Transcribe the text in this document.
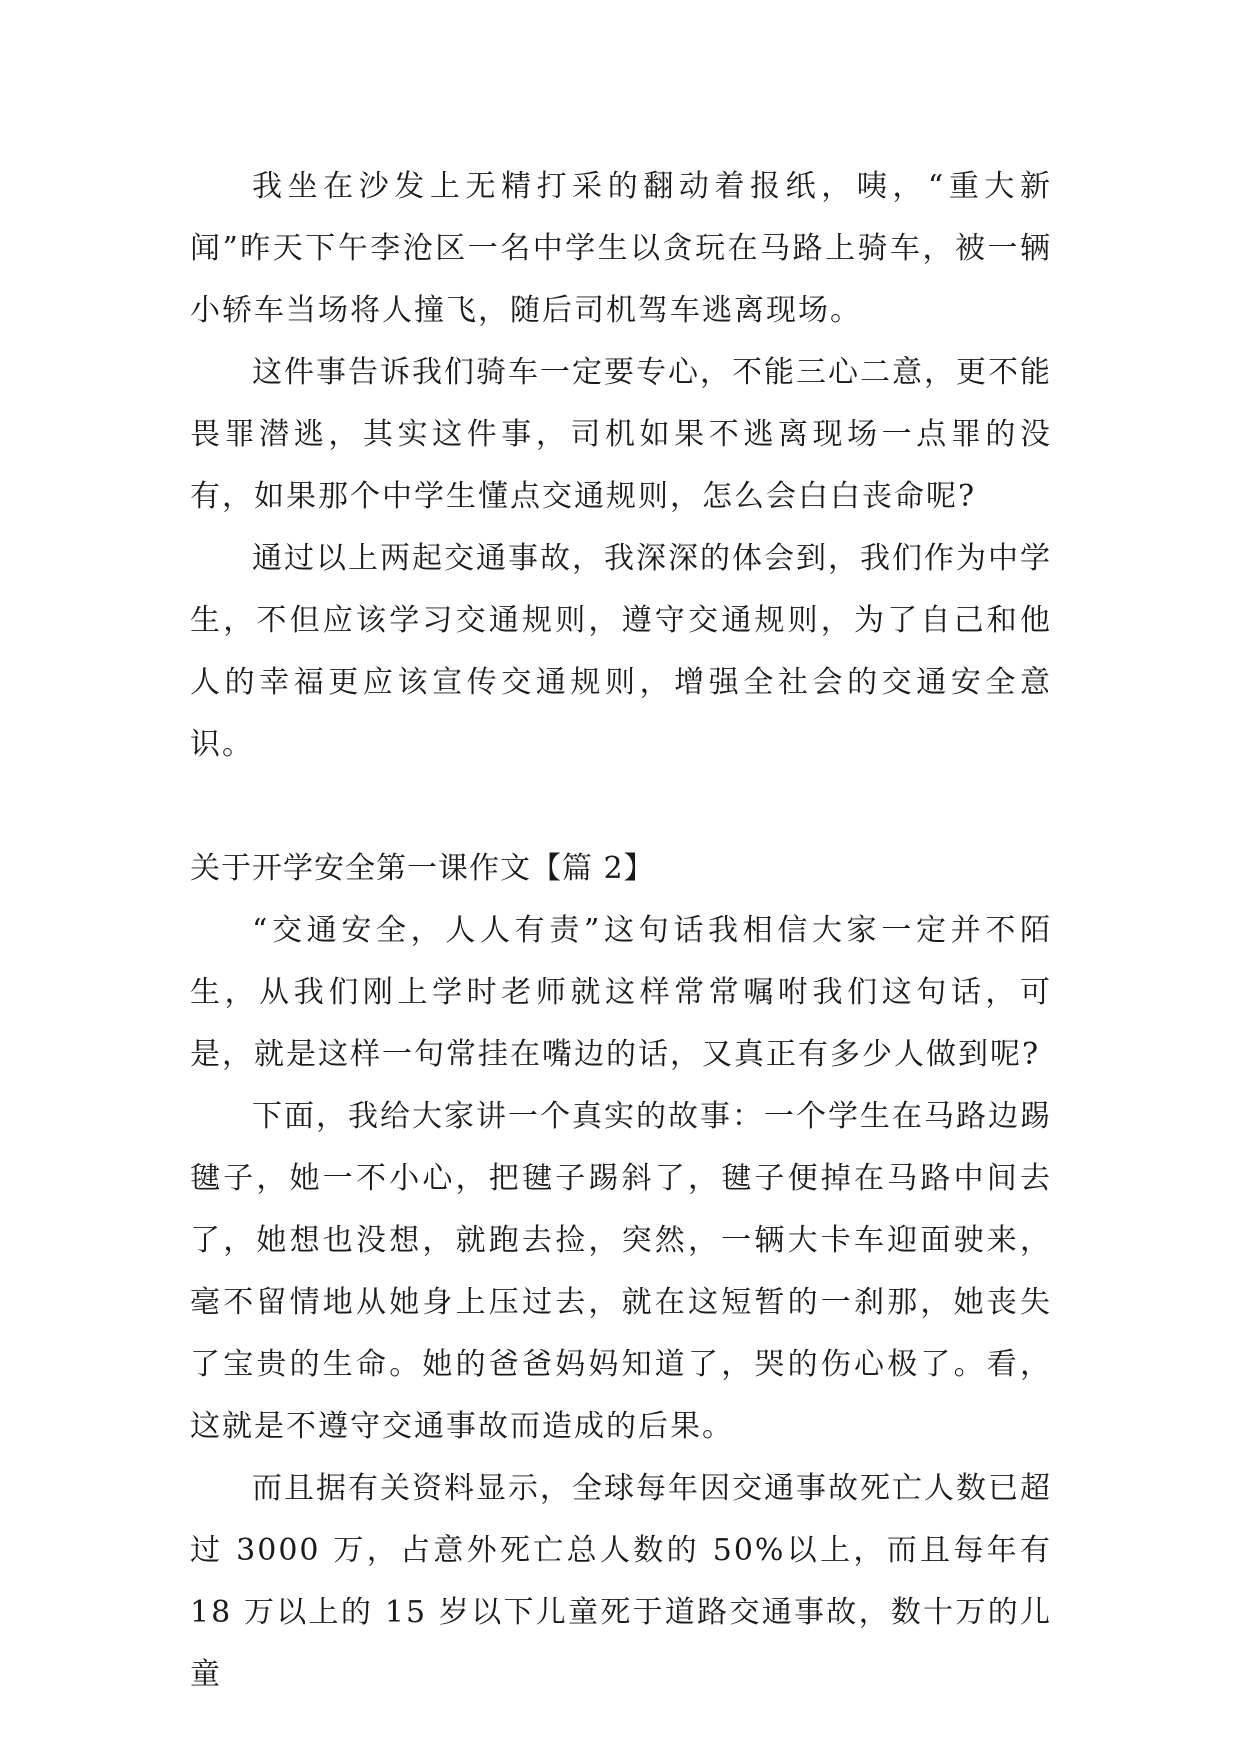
我坐在沙发上无精打采的翻动着报纸，咦，“重大新闻”昨天下午李沧区一名中学生以贪玩在马路上骑车，被一辆小轿车当场将人撞飞，随后司机驾车逃离现场。

这件事告诉我们骑车一定要专心，不能三心二意，更不能畏罪潜逃，其实这件事，司机如果不逃离现场一点罪的没有，如果那个中学生懂点交通规则，怎么会白白丧命呢?

通过以上两起交通事故，我深深的体会到，我们作为中学生，不但应该学习交通规则，遵守交通规则，为了自己和他人的幸福更应该宣传交通规则，增强全社会的交通安全意识。

关于开学安全第一课作文【篇 2】

“交通安全，人人有责”这句话我相信大家一定并不陌生，从我们刚上学时老师就这样常常嘱咐我们这句话，可是，就是这样一句常挂在嘴边的话，又真正有多少人做到呢?

下面，我给大家讲一个真实的故事：一个学生在马路边踢毽子，她一不小心，把毽子踢斜了，毽子便掉在马路中间去了，她想也没想，就跑去捡，突然，一辆大卡车迎面驶来，毫不留情地从她身上压过去，就在这短暂的一刹那，她丧失了宝贵的生命。她的爸爸妈妈知道了，哭的伤心极了。看，这就是不遵守交通事故而造成的后果。

而且据有关资料显示，全球每年因交通事故死亡人数已超过 3000 万，占意外死亡总人数的 50%以上，而且每年有 18 万以上的 15 岁以下儿童死于道路交通事故，数十万的儿童
